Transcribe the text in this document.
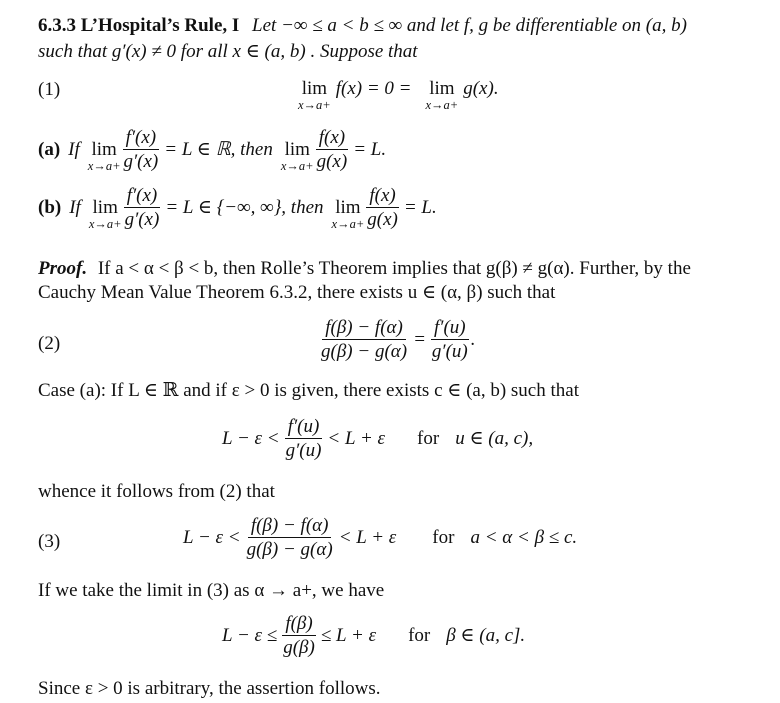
6.3.3 L’Hospital’s Rule, I Let −∞ ≤ a < b ≤ ∞ and let f, g be differentiable on (a, b)
such that g′(x) ≠ 0 for all x ∈ (a, b) . Suppose that
(1)	lim
x→a+
f(x) = 0 = lim
x→a+
g(x).
(a) If lim
$x\to a+ \frac{f'(x)}{g'(x)} = L$ ∈ ℝ, then lim
$x\to a+ \frac{f(x)}{g(x)} = L$.
(b) If lim
$x\to a+ \frac{f'(x)}{g'(x)} = L$ ∈ {−∞, ∞}, then lim
$x\to a+ \frac{f(x)}{g(x)} = L$.
Proof. If a < α < β < b, then Rolle’s Theorem implies that g(β) ≠ g(α). Further, by the
Cauchy Mean Value Theorem 6.3.2, there exists u ∈ (α, β) such that
(2)	$\frac{f(\beta) - f(\alpha)}{g(\beta) - g(\alpha)} = \frac{f'(u)}{g'(u)}$ .
Case (a): If L ∈ ℝ and if ε > 0 is given, there exists c ∈ (a, b) such that
$L - \varepsilon < \frac{f'(u)}{g'(u)} < L + \varepsilon$ for u ∈ (a, c),
whence it follows from (2) that
(3)	$L - \varepsilon < \frac{f(\beta) - f(\alpha)}{g(\beta) - g(\alpha)} < L + \varepsilon$ for a < α < β ≤ c.
If we take the limit in (3) as α → a+, we have
$L - \varepsilon \le \frac{f(\beta)}{g(\beta)} \le L + \varepsilon$ for β ∈ (a, c].
Since ε > 0 is arbitrary, the assertion follows.
